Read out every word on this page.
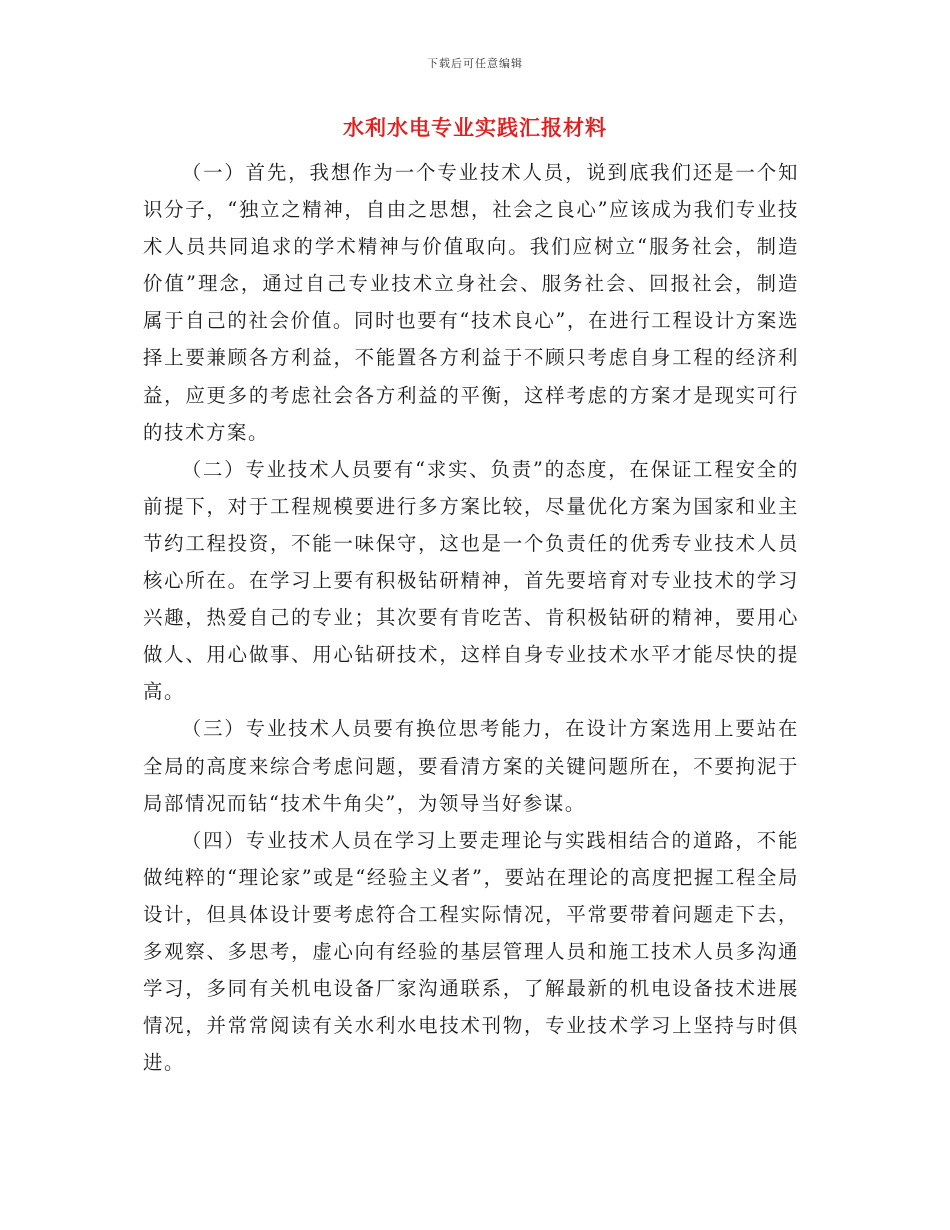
下载后可任意编辑
水利水电专业实践汇报材料

（一）首先，我想作为一个专业技术人员，说到底我们还是一个知识分子，“独立之精神，自由之思想，社会之良心”应该成为我们专业技术人员共同追求的学术精神与价值取向。我们应树立“服务社会，制造价值”理念，通过自己专业技术立身社会、服务社会、回报社会，制造属于自己的社会价值。同时也要有“技术良心”，在进行工程设计方案选择上要兼顾各方利益，不能置各方利益于不顾只考虑自身工程的经济利益，应更多的考虑社会各方利益的平衡，这样考虑的方案才是现实可行的技术方案。

（二）专业技术人员要有“求实、负责”的态度，在保证工程安全的前提下，对于工程规模要进行多方案比较，尽量优化方案为国家和业主节约工程投资，不能一味保守，这也是一个负责任的优秀专业技术人员核心所在。在学习上要有积极钻研精神，首先要培育对专业技术的学习兴趣，热爱自己的专业；其次要有肯吃苦、肯积极钻研的精神，要用心做人、用心做事、用心钻研技术，这样自身专业技术水平才能尽快的提高。

（三）专业技术人员要有换位思考能力，在设计方案选用上要站在全局的高度来综合考虑问题，要看清方案的关键问题所在，不要拘泥于局部情况而钻“技术牛角尖”，为领导当好参谋。

（四）专业技术人员在学习上要走理论与实践相结合的道路，不能做纯粹的“理论家”或是“经验主义者”，要站在理论的高度把握工程全局设计，但具体设计要考虑符合工程实际情况，平常要带着问题走下去，多观察、多思考，虚心向有经验的基层管理人员和施工技术人员多沟通学习，多同有关机电设备厂家沟通联系，了解最新的机电设备技术进展情况，并常常阅读有关水利水电技术刊物，专业技术学习上坚持与时俱进。
